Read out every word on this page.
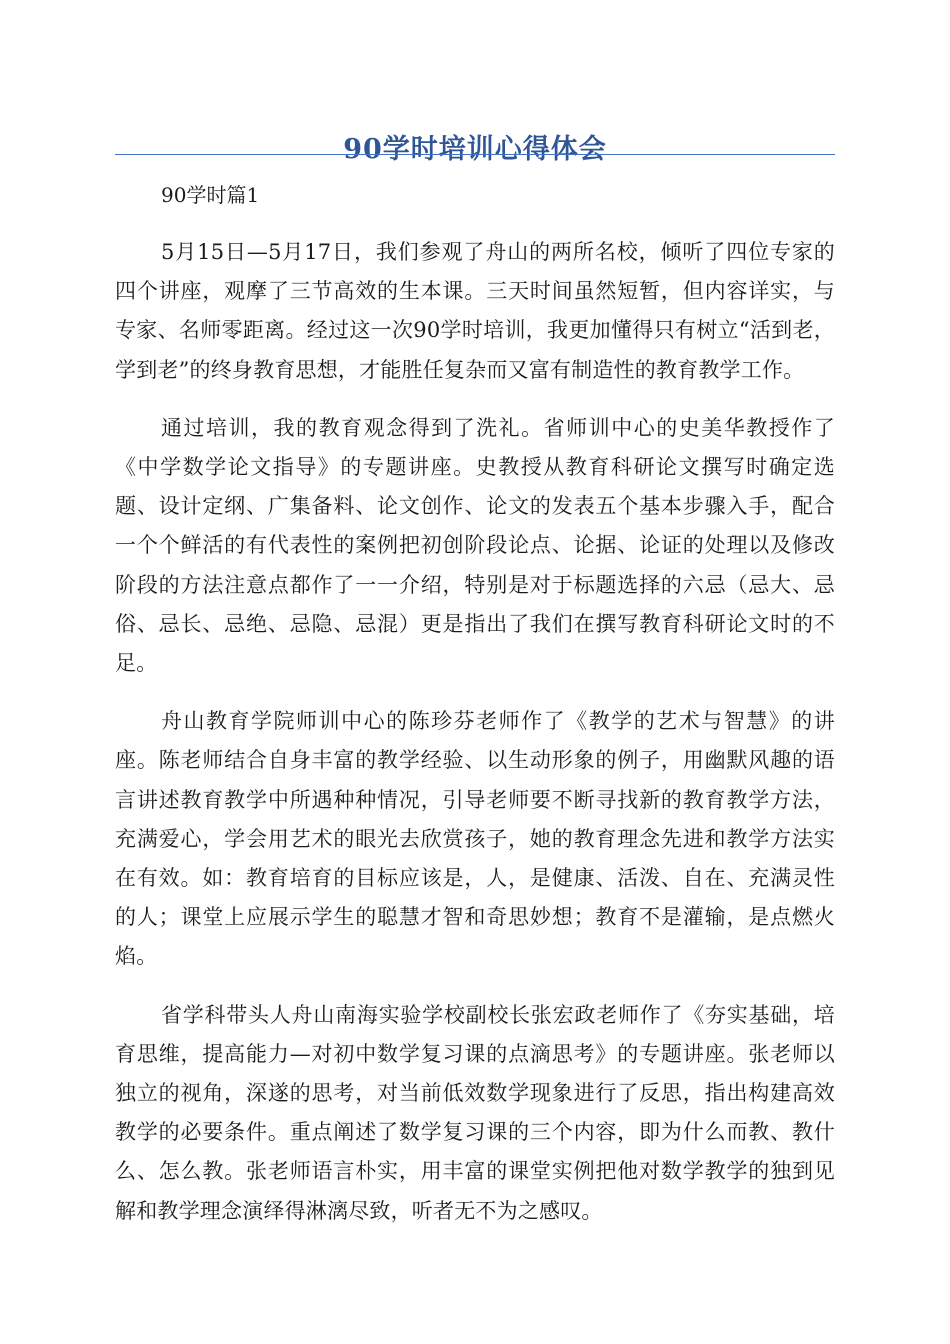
90学时培训心得体会

90学时篇1

5月15日—5月17日，我们参观了舟山的两所名校，倾听了四位专家的四个讲座，观摩了三节高效的生本课。三天时间虽然短暂，但内容详实，与专家、名师零距离。经过这一次90学时培训，我更加懂得只有树立“活到老，学到老”的终身教育思想，才能胜任复杂而又富有制造性的教育教学工作。

通过培训，我的教育观念得到了洗礼。省师训中心的史美华教授作了《中学数学论文指导》的专题讲座。史教授从教育科研论文撰写时确定选题、设计定纲、广集备料、论文创作、论文的发表五个基本步骤入手，配合一个个鲜活的有代表性的案例把初创阶段论点、论据、论证的处理以及修改阶段的方法注意点都作了一一介绍，特别是对于标题选择的六忌（忌大、忌俗、忌长、忌绝、忌隐、忌混）更是指出了我们在撰写教育科研论文时的不足。

舟山教育学院师训中心的陈珍芬老师作了《教学的艺术与智慧》的讲座。陈老师结合自身丰富的教学经验、以生动形象的例子，用幽默风趣的语言讲述教育教学中所遇种种情况，引导老师要不断寻找新的教育教学方法，充满爱心，学会用艺术的眼光去欣赏孩子，她的教育理念先进和教学方法实在有效。如：教育培育的目标应该是，人，是健康、活泼、自在、充满灵性的人；课堂上应展示学生的聪慧才智和奇思妙想；教育不是灌输，是点燃火焰。

省学科带头人舟山南海实验学校副校长张宏政老师作了《夯实基础，培育思维，提高能力—对初中数学复习课的点滴思考》的专题讲座。张老师以独立的视角，深遂的思考，对当前低效数学现象进行了反思，指出构建高效教学的必要条件。重点阐述了数学复习课的三个内容，即为什么而教、教什么、怎么教。张老师语言朴实，用丰富的课堂实例把他对数学教学的独到见解和教学理念演绎得淋漓尽致，听者无不为之感叹。
